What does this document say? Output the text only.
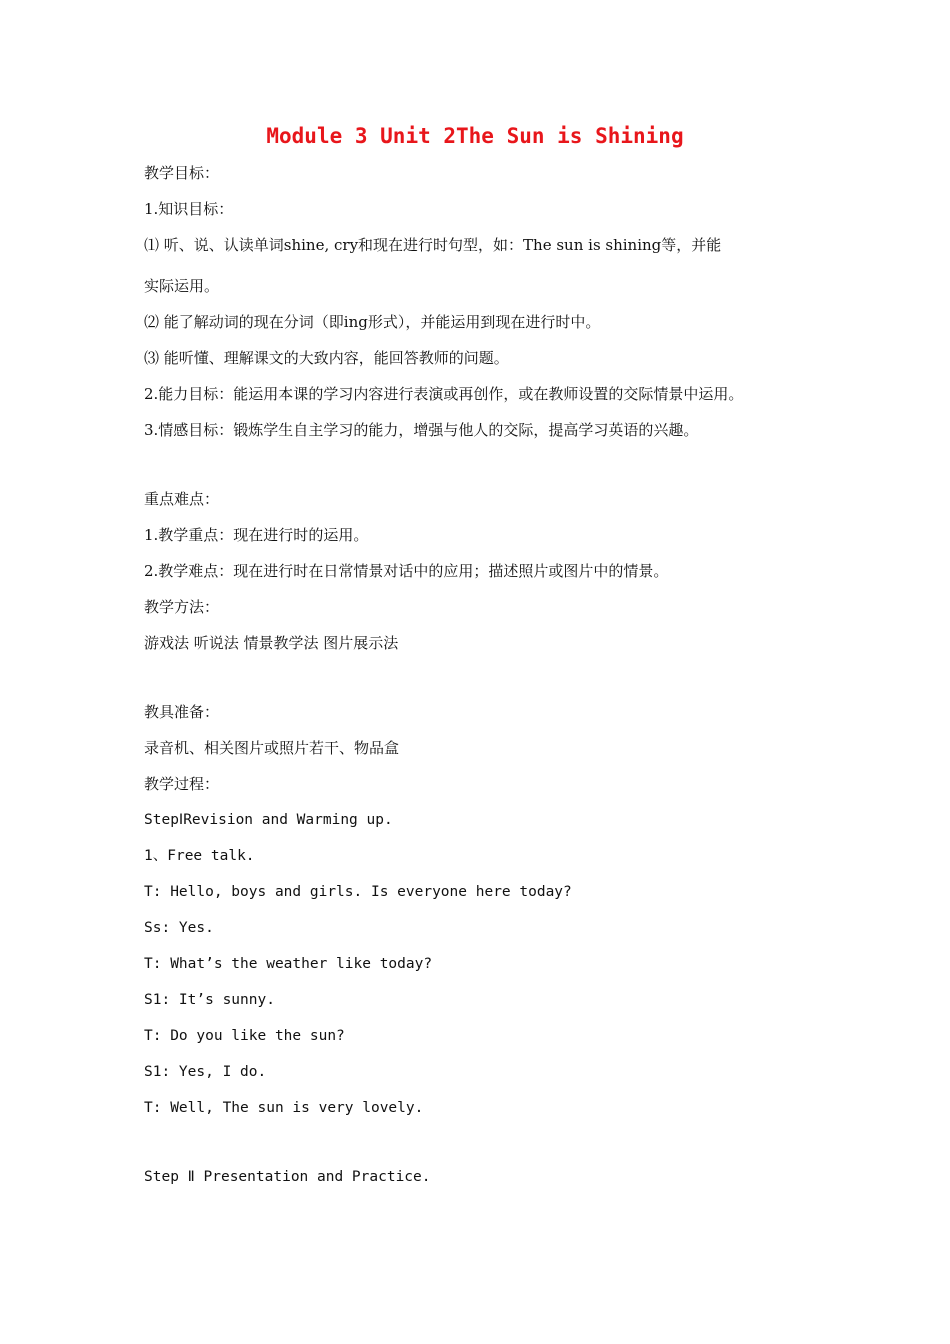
Module 3 Unit 2The Sun is Shining
教学目标：
1.知识目标：
⑴ 听、说、认读单词shine, cry和现在进行时句型，如：The sun is shining等，并能
实际运用。
⑵ 能了解动词的现在分词（即ing形式），并能运用到现在进行时中。
⑶ 能听懂、理解课文的大致内容，能回答教师的问题。
2.能力目标：能运用本课的学习内容进行表演或再创作，或在教师设置的交际情景中运用。
3.情感目标：锻炼学生自主学习的能力，增强与他人的交际，提高学习英语的兴趣。
重点难点：
1.教学重点：现在进行时的运用。
2.教学难点：现在进行时在日常情景对话中的应用；描述照片或图片中的情景。
教学方法：
游戏法 听说法 情景教学法 图片展示法
教具准备：
录音机、相关图片或照片若干、物品盒
教学过程：
StepⅠRevision and Warming up.
1、Free talk.
T: Hello, boys and girls. Is everyone here today?
Ss: Yes.
T: What’s the weather like today?
S1: It’s sunny.
T: Do you like the sun?
S1: Yes, I do.
T: Well, The sun is very lovely.
Step Ⅱ Presentation and Practice.
